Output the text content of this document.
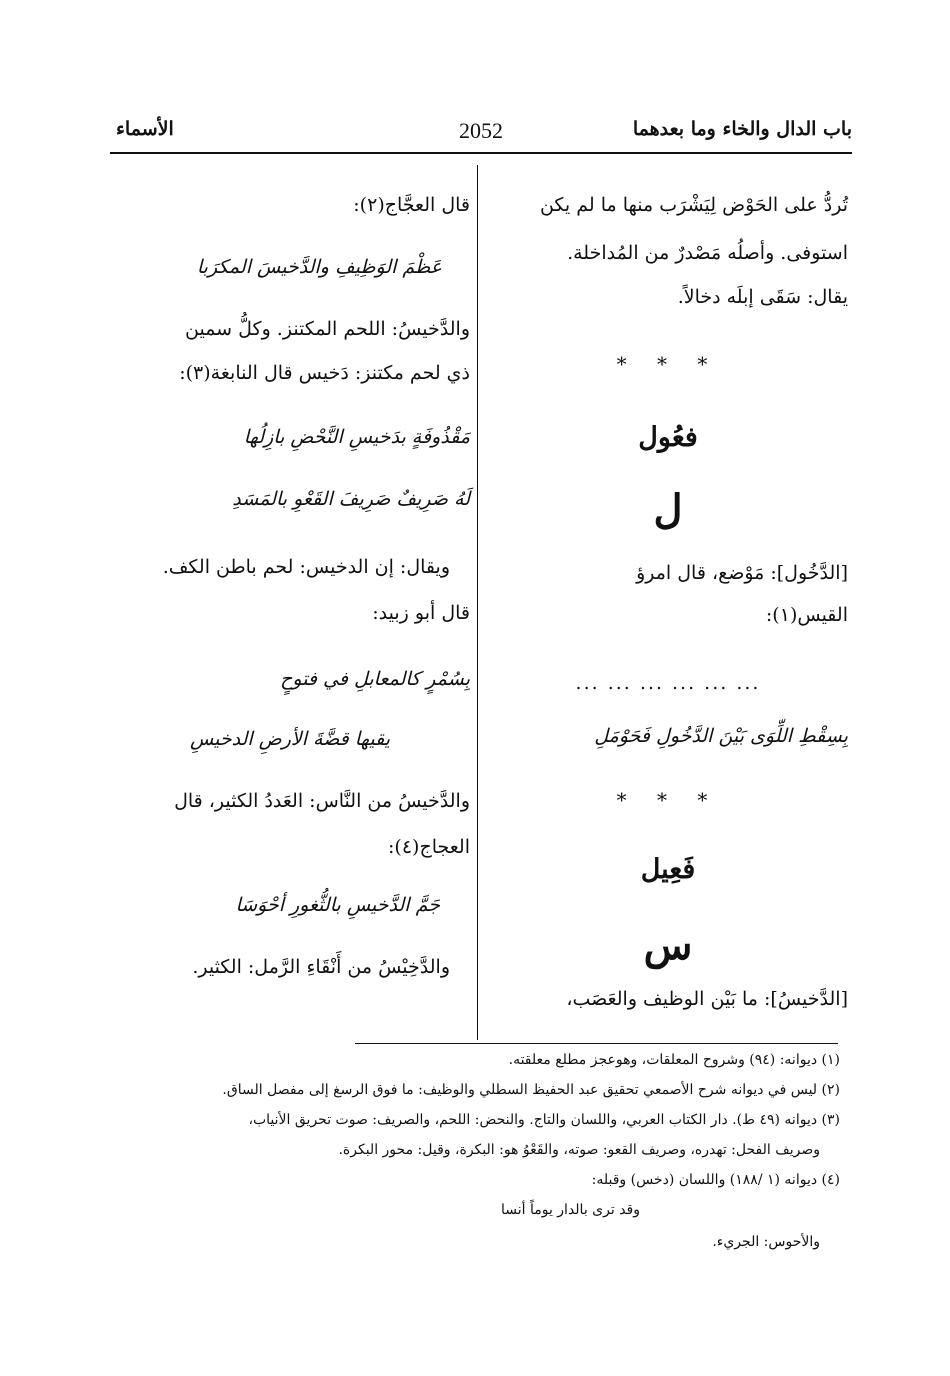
الأسماء	2052	باب الدال والخاء وما بعدهما
تُردُّ على الحَوْض لِيَشْرَب منها ما لم يكن
استوفى. وأصلُه مَصْدرٌ من المُداخلة.
يقال: سَقَى إبلَه دخالاً.
* * *
فعُول
ل
[الدَّخُول]: مَوْضع، قال امرؤ
القيس(١):
... ... ... ... ... ...
بِسِقْطِ اللِّوَى بَيْنَ الدَّخُولِ فَحَوْمَلِ
* * *
فَعِيل
س
[الدَّخيسُ]: ما بَيْن الوظيف والعَصَب،
قال العجَّاج(٢):
عَظْمَ الوَظِيفِ والدَّخيسَ المكرَبا
والدَّخيسُ: اللحم المكتنز. وكلُّ سمين
ذي لحم مكتنز: دَخيس قال النابغة(٣):
مَقْذُوفَةٍ بدَخيسِ النَّحْضِ بازِلُها
لَهُ صَرِيفٌ صَرِيفَ القَعْوِ بالمَسَدِ
ويقال: إن الدخيس: لحم باطن الكف.
قال أبو زبيد:
بِسُمْرٍ كالمعابلِ في فتوحٍ
يقيها قضَّةَ الأرضِ الدخيسِ
والدَّخيسُ من النَّاس: العَددُ الكثير، قال
العجاج(٤):
جَمَّ الدَّخيسِ بالثُّغورِ أحْوَسَا
والدَّخِيْسُ من أَنْقَاءِ الرَّمل: الكثير.
(١) ديوانه: (٩٤) وشروح المعلقات، وهوعجز مطلع معلقته.
(٢) ليس في ديوانه شرح الأصمعي تحقيق عبد الحفيظ السطلي والوظيف: ما فوق الرسغ إلى مفصل الساق.
(٣) ديوانه (٤٩ ط). دار الكتاب العربي، واللسان والتاج. والنحض: اللحم، والصريف: صوت تحريق الأنياب،
وصريف الفحل: تهدره، وصريف القعو: صوته، والقَعْوُ هو: البكرة، وقيل: محور البكرة.
(٤) ديوانه (١ /١٨٨) واللسان (دخس) وقبله:
وقد ترى بالدار يوماً أنسا
والأحوس: الجريء.
